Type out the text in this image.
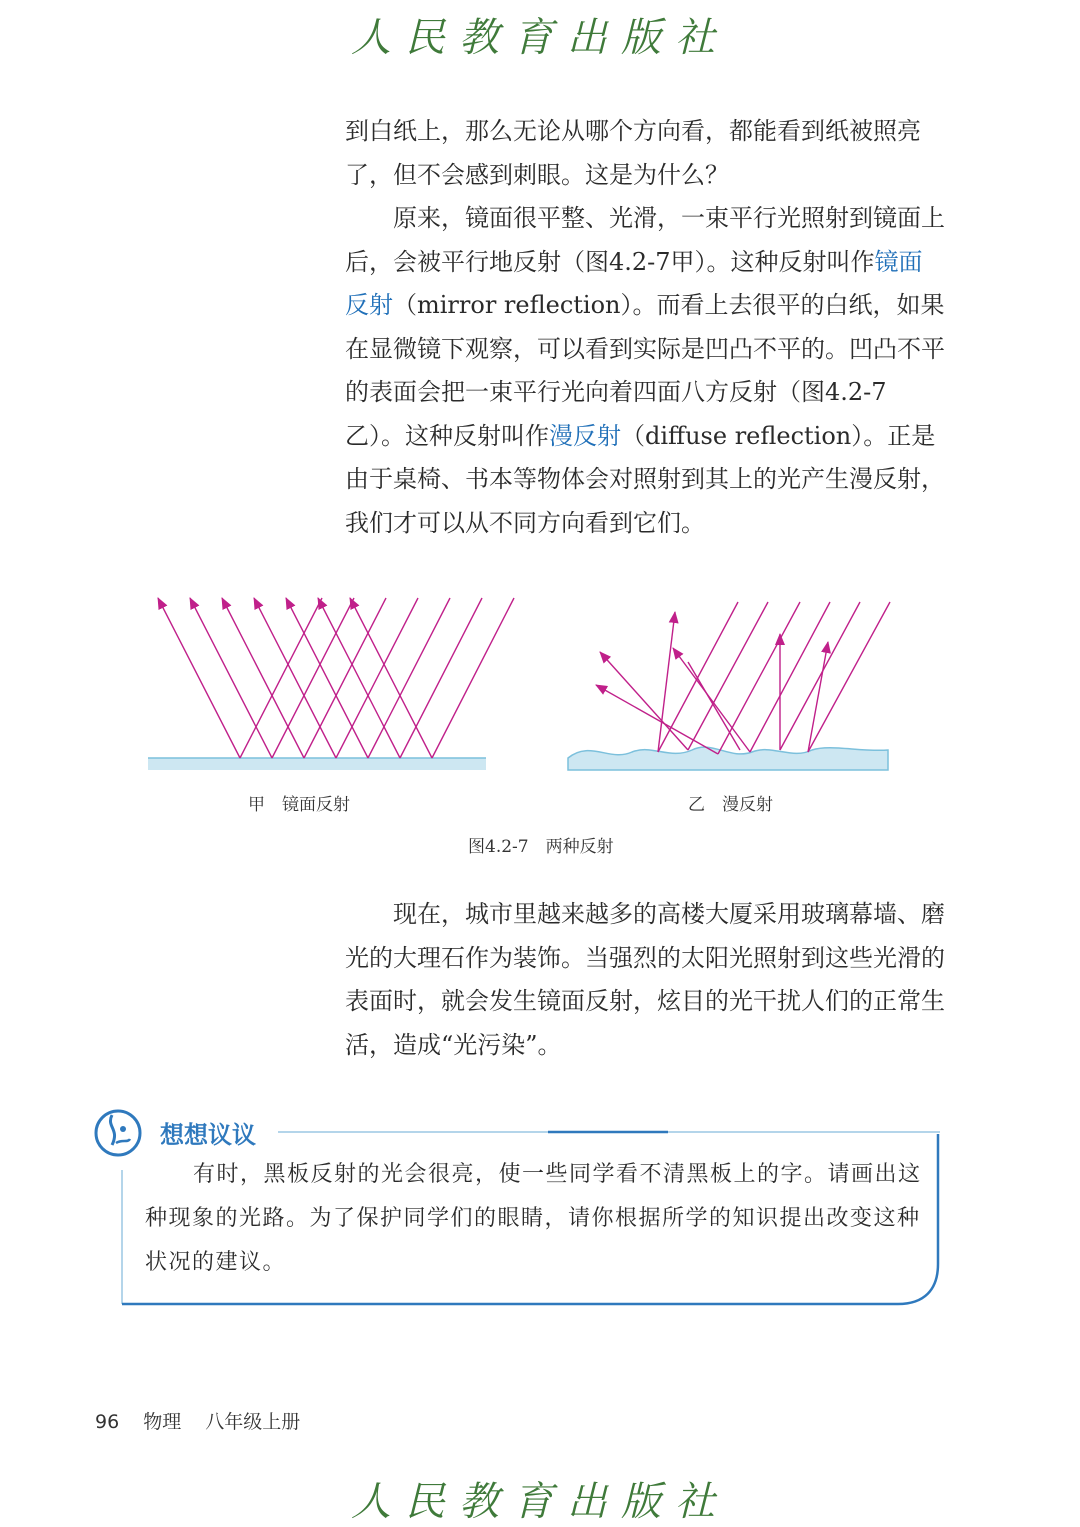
人民教育出版社

到白纸上，那么无论从哪个方向看，都能看到纸被照亮了，但不会感到刺眼。这是为什么？

原来，镜面很平整、光滑，一束平行光照射到镜面上后，会被平行地反射（图4.2-7甲）。这种反射叫作镜面反射（mirror reflection）。而看上去很平的白纸，如果在显微镜下观察，可以看到实际是凹凸不平的。凹凸不平的表面会把一束平行光向着四面八方反射（图4.2-7乙）。这种反射叫作漫反射（diffuse reflection）。正是由于桌椅、书本等物体会对照射到其上的光产生漫反射，我们才可以从不同方向看到它们。

甲　镜面反射	乙　漫反射
图4.2-7　两种反射

现在，城市里越来越多的高楼大厦采用玻璃幕墙、磨光的大理石作为装饰。当强烈的太阳光照射到这些光滑的表面时，就会发生镜面反射，炫目的光干扰人们的正常生活，造成“光污染”。

想想议议

有时，黑板反射的光会很亮，使一些同学看不清黑板上的字。请画出这种现象的光路。为了保护同学们的眼睛，请你根据所学的知识提出改变这种状况的建议。

96 物理 八年级上册
人民教育出版社
